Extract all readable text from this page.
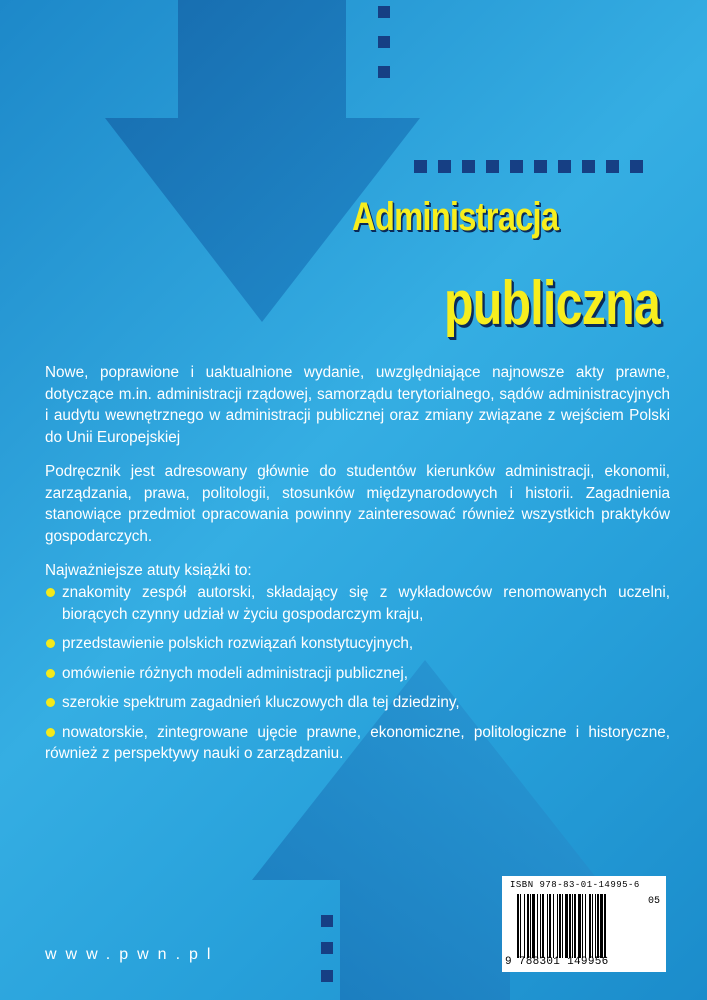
Administracja
publiczna

Nowe, poprawione i uaktualnione wydanie, uwzględniające najnowsze akty prawne, dotyczące m.in. administracji rządowej, samorządu terytorialnego, sądów administracyjnych i audytu wewnętrznego w administracji publicznej oraz zmiany związane z wejściem Polski do Unii Europejskiej

Podręcznik jest adresowany głównie do studentów kierunków administracji, ekonomii, zarządzania, prawa, politologii, stosunków międzynarodowych i historii. Zagadnienia stanowiące przedmiot opracowania powinny zainteresować również wszystkich praktyków gospodarczych.

Najważniejsze atuty książki to:

znakomity zespół autorski, składający się z wykładowców renomowanych uczelni, biorących czynny udział w życiu gospodarczym kraju,
przedstawienie polskich rozwiązań konstytucyjnych,
omówienie różnych modeli administracji publicznej,
szerokie spektrum zagadnień kluczowych dla tej dziedziny,
nowatorskie, zintegrowane ujęcie prawne, ekonomiczne, politologiczne i historyczne, również z perspektywy nauki o zarządzaniu.

www.pwn.pl

ISBN 978-83-01-14995-6
05
9 788301 149956
